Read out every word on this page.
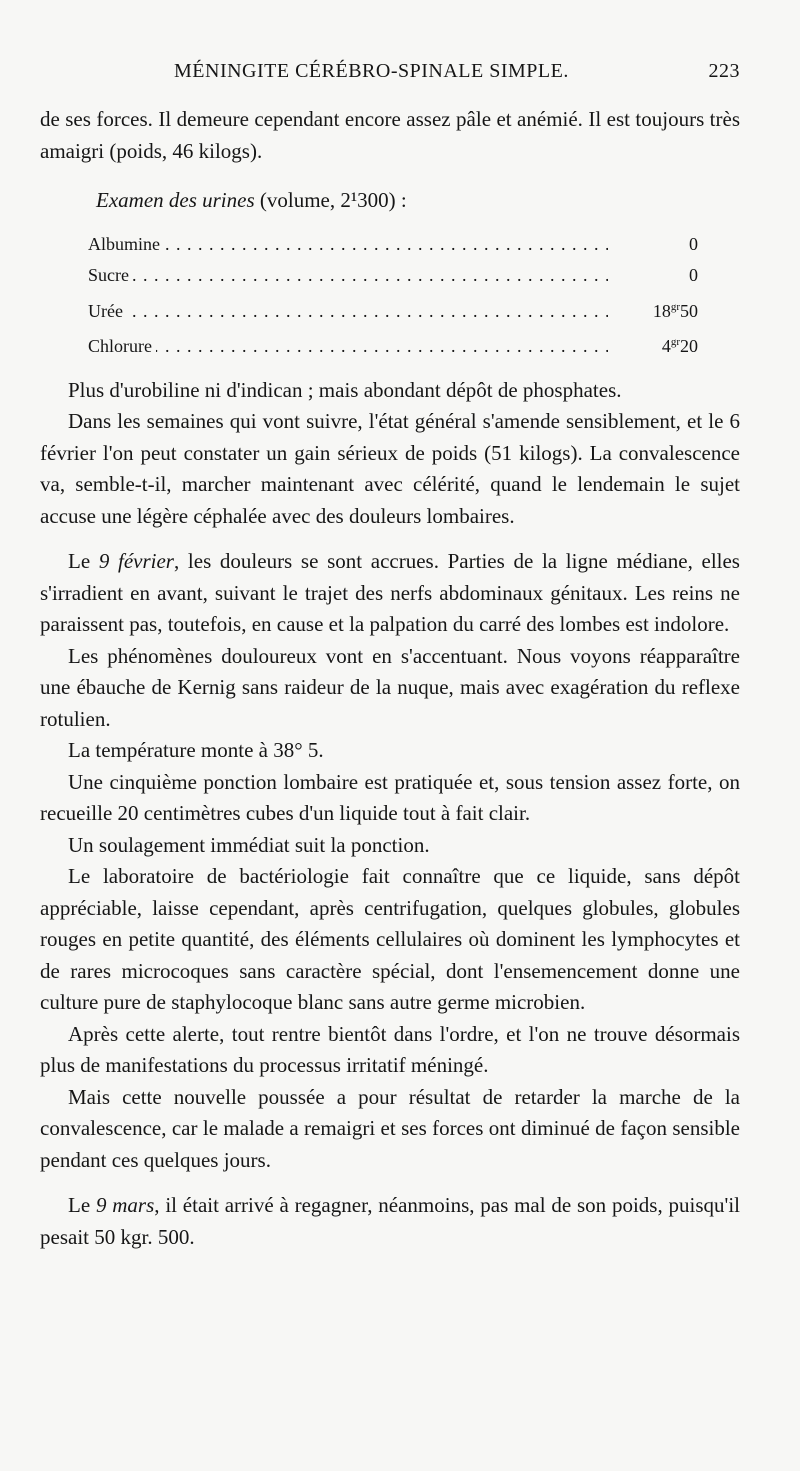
MÉNINGITE CÉRÉBRO-SPINALE SIMPLE.	223

de ses forces. Il demeure cependant encore assez pâle et anémié. Il est toujours très amaigri (poids, 46 kilogs).

Examen des urines (volume, 2¹300) :

Albumine . . .	0

Sucre . . .	0

Urée . . .	$18^{gr}50$

Chlorure . . .	$4^{gr}20$

Plus d'urobiline ni d'indican ; mais abondant dépôt de phosphates.

Dans les semaines qui vont suivre, l'état général s'amende sensiblement, et le 6 février l'on peut constater un gain sérieux de poids (51 kilogs). La convalescence va, semble-t-il, marcher maintenant avec célérité, quand le lendemain le sujet accuse une légère céphalée avec des douleurs lombaires.

Le 9 février, les douleurs se sont accrues. Parties de la ligne médiane, elles s'irradient en avant, suivant le trajet des nerfs abdominaux génitaux. Les reins ne paraissent pas, toutefois, en cause et la palpation du carré des lombes est indolore.

Les phénomènes douloureux vont en s'accentuant. Nous voyons réapparaître une ébauche de Kernig sans raideur de la nuque, mais avec exagération du reflexe rotulien.

La température monte à 38° 5.

Une cinquième ponction lombaire est pratiquée et, sous tension assez forte, on recueille 20 centimètres cubes d'un liquide tout à fait clair.

Un soulagement immédiat suit la ponction.

Le laboratoire de bactériologie fait connaître que ce liquide, sans dépôt appréciable, laisse cependant, après centrifugation, quelques globules, globules rouges en petite quantité, des éléments cellulaires où dominent les lymphocytes et de rares microcoques sans caractère spécial, dont l'ensemencement donne une culture pure de staphylocoque blanc sans autre germe microbien.

Après cette alerte, tout rentre bientôt dans l'ordre, et l'on ne trouve désormais plus de manifestations du processus irritatif méningé.

Mais cette nouvelle poussée a pour résultat de retarder la marche de la convalescence, car le malade a remaigri et ses forces ont diminué de façon sensible pendant ces quelques jours.

Le 9 mars, il était arrivé à regagner, néanmoins, pas mal de son poids, puisqu'il pesait 50 kgr. 500.
